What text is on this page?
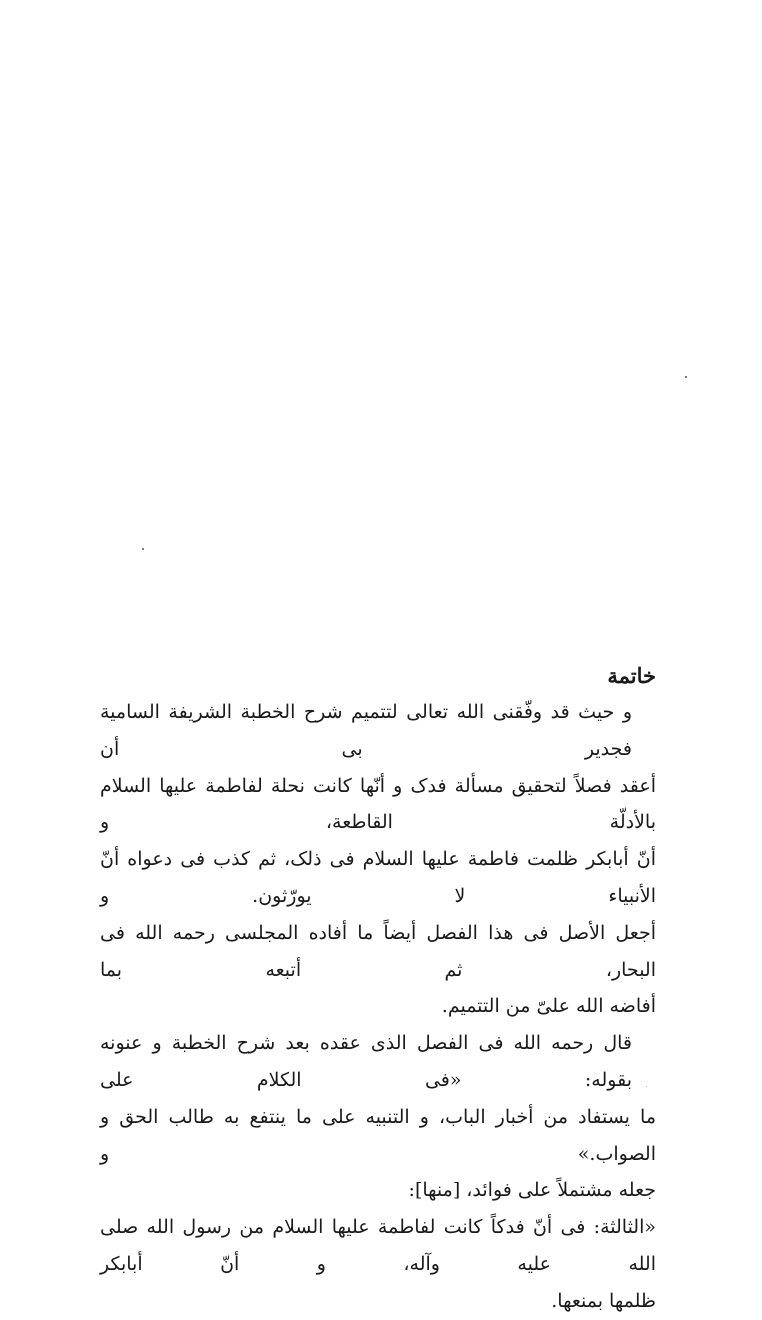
خاتمة
و حيث قد وفّقنى الله تعالى لتتميم شرح الخطبة الشريفة السامية فجدير بى أن
أعقد فصلاً لتحقيق مسألة فدک و أنّها كانت نحلة لفاطمة عليها السلام بالأدلّة القاطعة، و
أنّ أبابكر ظلمت فاطمة عليها السلام فى ذلک، ثم كذب فى دعواه أنّ الأنبياء لا يورّثون. و
أجعل الأصل فى هذا الفصل أيضاً ما أفاده المجلسى رحمه الله فى البحار، ثم أتبعه بما
أفاضه الله علىّ من التتميم.
قال رحمه الله فى الفصل الذى عقده بعد شرح الخطبة و عنونه بقوله: «فى الكلام على
ما يستفاد من أخبار الباب، و التنبيه على ما ينتفع به طالب الحق و الصواب.» و
جعله مشتملاً على فوائد، [منها]:
«الثالثة: فى أنّ فدكاً كانت لفاطمة عليها السلام من رسول الله صلى الله عليه وآله، و أنّ أبابكر
ظلمها بمنعها.
